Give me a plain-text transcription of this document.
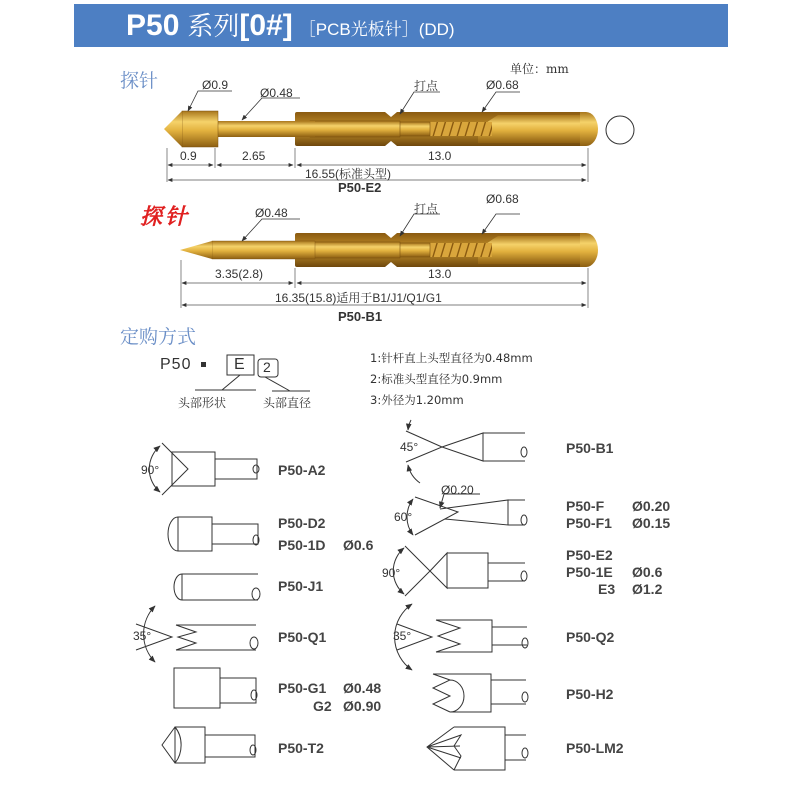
P50 系列[0#] ［PCB光板针］(DD)
单位：mm
探针	Ø0.9
Ø0.48	打点	Ø0.68
0.9	2.65	13.0
16.55(标准头型)
P50-E2
探针	Ø0.48	打点
Ø0.68
3.35(2.8)	13.0
16.35(15.8)适用于B1/J1/Q1/G1
P50-B1
定购方式
P50	E 2
头部形状	头部直径
1:针杆直上头型直径为0.48mm
2:标准头型直径为0.9mm
3:外径为1.20mm
90°	P50-A2
P50-D2
P50-1D Ø0.6
P50-J1
35°	P50-Q1
P50-G1 Ø0.48
G2 Ø0.90
P50-T2
45°	P50-B1
Ø0.20
60°
P50-F Ø0.20
P50-F1 Ø0.15
90°
P50-E2
P50-1E Ø0.6
E3 Ø1.2
35°	P50-Q2
P50-H2
P50-LM2
